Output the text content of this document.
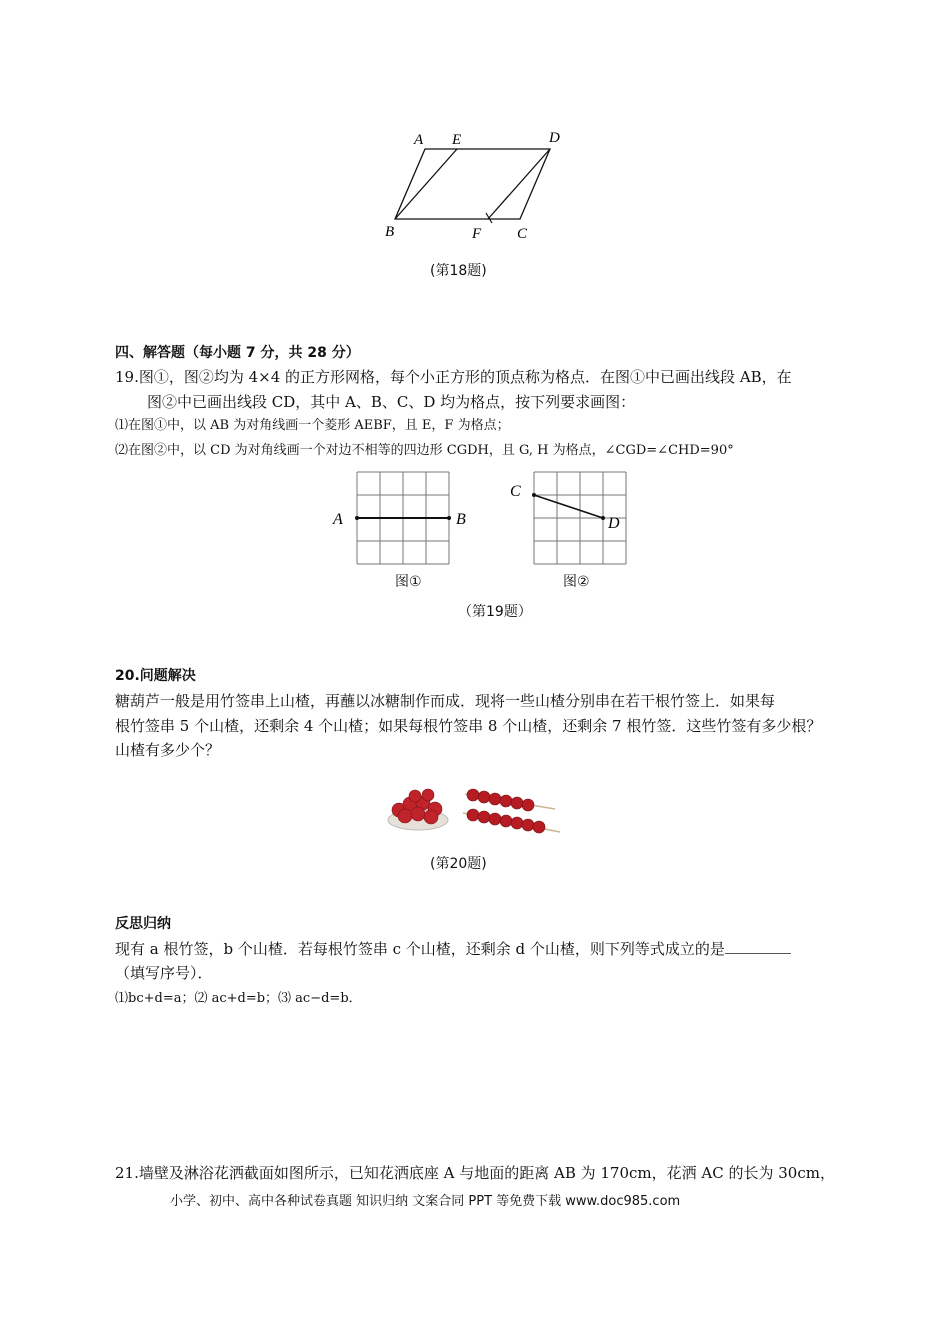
A E	D
B	F C
(第18题)
四、解答题（每小题 7 分，共 28 分）
19.图①，图②均为 4×4 的正方形网格，每个小正方形的顶点称为格点．在图①中已画出线段 AB，在
图②中已画出线段 CD，其中 A、B、C、D 均为格点，按下列要求画图：
⑴在图①中，以 AB 为对角线画一个菱形 AEBF，且 E，F 为格点；
⑵在图②中，以 CD 为对角线画一个对边不相等的四边形 CGDH，且 G, H 为格点，∠CGD=∠CHD=90°
A	B
图①
C
D
图②
（第19题）
20.问题解决
糖葫芦一般是用竹签串上山楂，再蘸以冰糖制作而成．现将一些山楂分别串在若干根竹签上．如果每
根竹签串 5 个山楂，还剩余 4 个山楂；如果每根竹签串 8 个山楂，还剩余 7 根竹签．这些竹签有多少根？
山楂有多少个？
(第20题)
反思归纳
现有 a 根竹签，b 个山楂．若每根竹签串 c 个山楂，还剩余 d 个山楂，则下列等式成立的是
（填写序号）．
⑴bc+d=a；⑵ ac+d=b；⑶ ac−d=b．
21.墙壁及淋浴花洒截面如图所示，已知花洒底座 A 与地面的距离 AB 为 170cm，花洒 AC 的长为 30cm，
小学、初中、高中各种试卷真题 知识归纳 文案合同 PPT 等免费下载 www.doc985.com
